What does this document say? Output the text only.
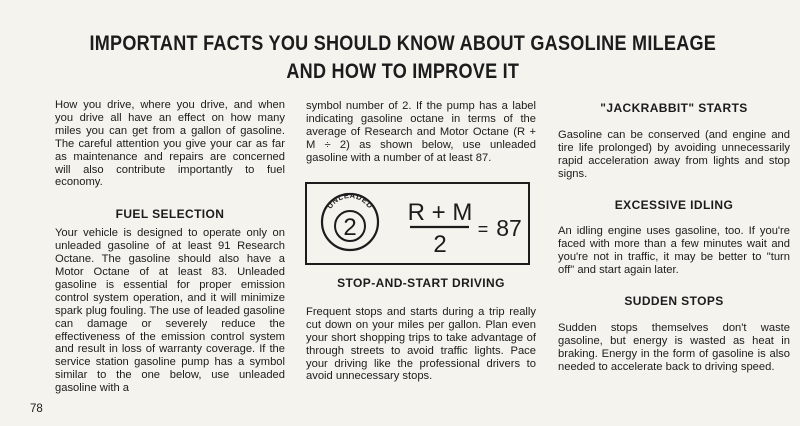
IMPORTANT FACTS YOU SHOULD KNOW ABOUT GASOLINE MILEAGE
AND HOW TO IMPROVE IT

How you drive, where you drive, and when you drive all have an effect on how many miles you can get from a gallon of gasoline. The careful attention you give your car as far as maintenance and repairs are concerned will also contribute importantly to fuel economy.

FUEL SELECTION

Your vehicle is designed to operate only on unleaded gasoline of at least 91 Research Octane. The gasoline should also have a Motor Octane of at least 83. Unleaded gasoline is essential for proper emission control system operation, and it will minimize spark plug fouling. The use of leaded gasoline can damage or severely reduce the effectiveness of the emission control system and result in loss of warranty coverage. If the service station gasoline pump has a symbol similar to the one below, use unleaded gasoline with a

symbol number of 2. If the pump has a label indicating gasoline octane in terms of the average of Research and Motor Octane (R + M ÷ 2) as shown below, use unleaded gasoline with a number of at least 87.

UNLEADED
2
R + M
2
= 87
STOP-AND-START DRIVING

Frequent stops and starts during a trip really cut down on your miles per gallon. Plan even your short shopping trips to take advantage of through streets to avoid traffic lights. Pace your driving like the professional drivers to avoid unnecessary stops.

"JACKRABBIT" STARTS

Gasoline can be conserved (and engine and tire life prolonged) by avoiding unnecessarily rapid acceleration away from lights and stop signs.

EXCESSIVE IDLING

An idling engine uses gasoline, too. If you're faced with more than a few minutes wait and you're not in traffic, it may be better to "turn off" and start again later.

SUDDEN STOPS

Sudden stops themselves don't waste gasoline, but energy is wasted as heat in braking. Energy in the form of gasoline is also needed to accelerate back to driving speed.

78
